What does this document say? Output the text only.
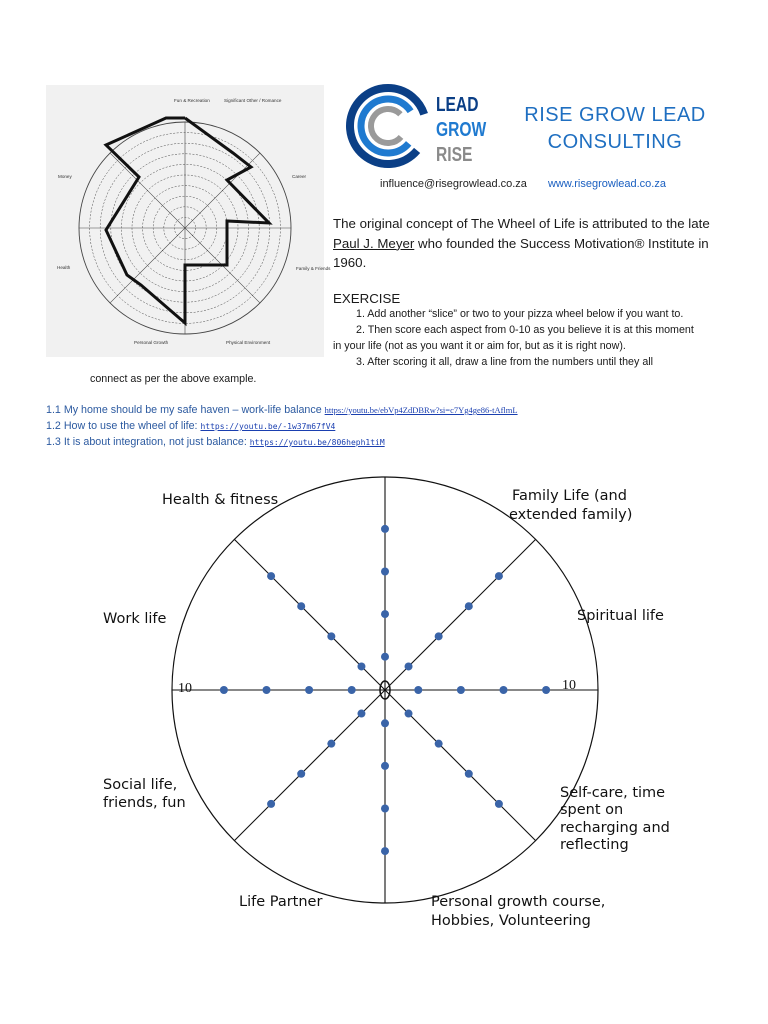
Fun & Recreation	Significant Other / Romance
Career
Family & Friends
Physical Environment
Personal Growth
Health
Money
LEAD
GROW
RISE
RISE GROW LEAD
CONSULTING
influence@risegrowlead.co.za www.risegrowlead.co.za
The original concept of The Wheel of Life is attributed to the late Paul J. Meyer who founded the Success Motivation® Institute in 1960.
EXERCISE
1. Add another “slice” or two to your pizza wheel below if you want to.
2. Then score each aspect from 0-10 as you believe it is at this moment
in your life (not as you want it or aim for, but as it is right now).
3. After scoring it all, draw a line from the numbers until they all
connect as per the above example.
1.1 My home should be my safe haven – work-life balance https://youtu.be/ebVp4ZdDBRw?si=c7Yg4ge86-tAflmL
1.2 How to use the wheel of life: https://youtu.be/-1w37m67fV4
1.3 It is about integration, not just balance: https://youtu.be/806heph1tiM
10	10
Health & fitness	Family Life (and
extended family)
Work life	Spiritual life
Social life,
friends, fun
Self-care, time
spent on
recharging and
reflecting
Life Partner	Personal growth course,
Hobbies, Volunteering
